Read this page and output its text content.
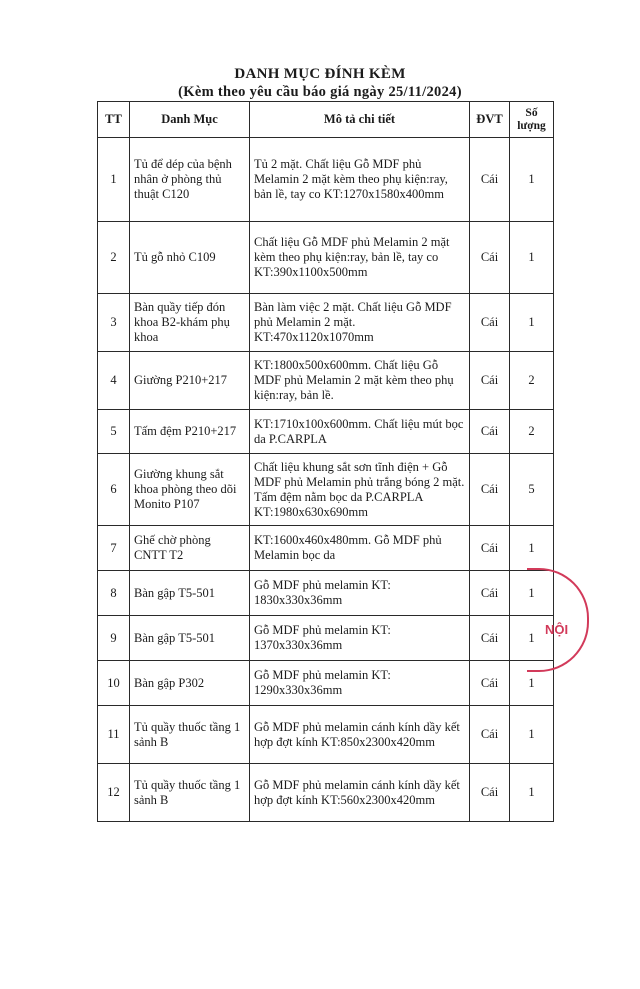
DANH MỤC ĐÍNH KÈM
(Kèm theo yêu cầu báo giá ngày 25/11/2024)
TT	Danh Mục	Mô tả chi tiết	ĐVT	Số lượng
1	Tủ để dép của bệnh nhân ở phòng thủ thuật C120	Tủ 2 mặt. Chất liệu Gỗ MDF phủ Melamin 2 mặt kèm theo phụ kiện:ray, bản lề, tay co KT:1270x1580x400mm	Cái	1
2	Tủ gỗ nhỏ C109	Chất liệu Gỗ MDF phủ Melamin 2 mặt kèm theo phụ kiện:ray, bản lề, tay co KT:390x1100x500mm	Cái	1
3	Bàn quầy tiếp đón khoa B2-khám phụ khoa	Bàn làm việc 2 mặt. Chất liệu Gỗ MDF phủ Melamin 2 mặt. KT:470x1120x1070mm	Cái	1
4	Giường P210+217	KT:1800x500x600mm. Chất liệu Gỗ MDF phủ Melamin 2 mặt kèm theo phụ kiện:ray, bản lề.	Cái	2
5	Tấm đệm P210+217	KT:1710x100x600mm. Chất liệu mút bọc da P.CARPLA	Cái	2
6	Giường khung sắt khoa phòng theo dõi Monito P107	Chất liệu khung sắt sơn tĩnh điện + Gỗ MDF phủ Melamin phủ trắng bóng 2 mặt. Tấm đệm nằm bọc da P.CARPLA KT:1980x630x690mm	Cái	5
7	Ghế chờ phòng CNTT T2	KT:1600x460x480mm. Gỗ MDF phủ Melamin bọc da	Cái	1
8	Bàn gập T5-501	Gỗ MDF phủ melamin KT: 1830x330x36mm	Cái	1
9	Bàn gập T5-501	Gỗ MDF phủ melamin KT: 1370x330x36mm	Cái	1
10	Bàn gập P302	Gỗ MDF phủ melamin KT: 1290x330x36mm	Cái	1
11	Tủ quầy thuốc tầng 1 sảnh B	Gỗ MDF phủ melamin cánh kính dầy kết hợp đợt kính KT:850x2300x420mm	Cái	1
12	Tủ quầy thuốc tầng 1 sảnh B	Gỗ MDF phủ melamin cánh kính dầy kết hợp đợt kính KT:560x2300x420mm	Cái	1
NỘI
